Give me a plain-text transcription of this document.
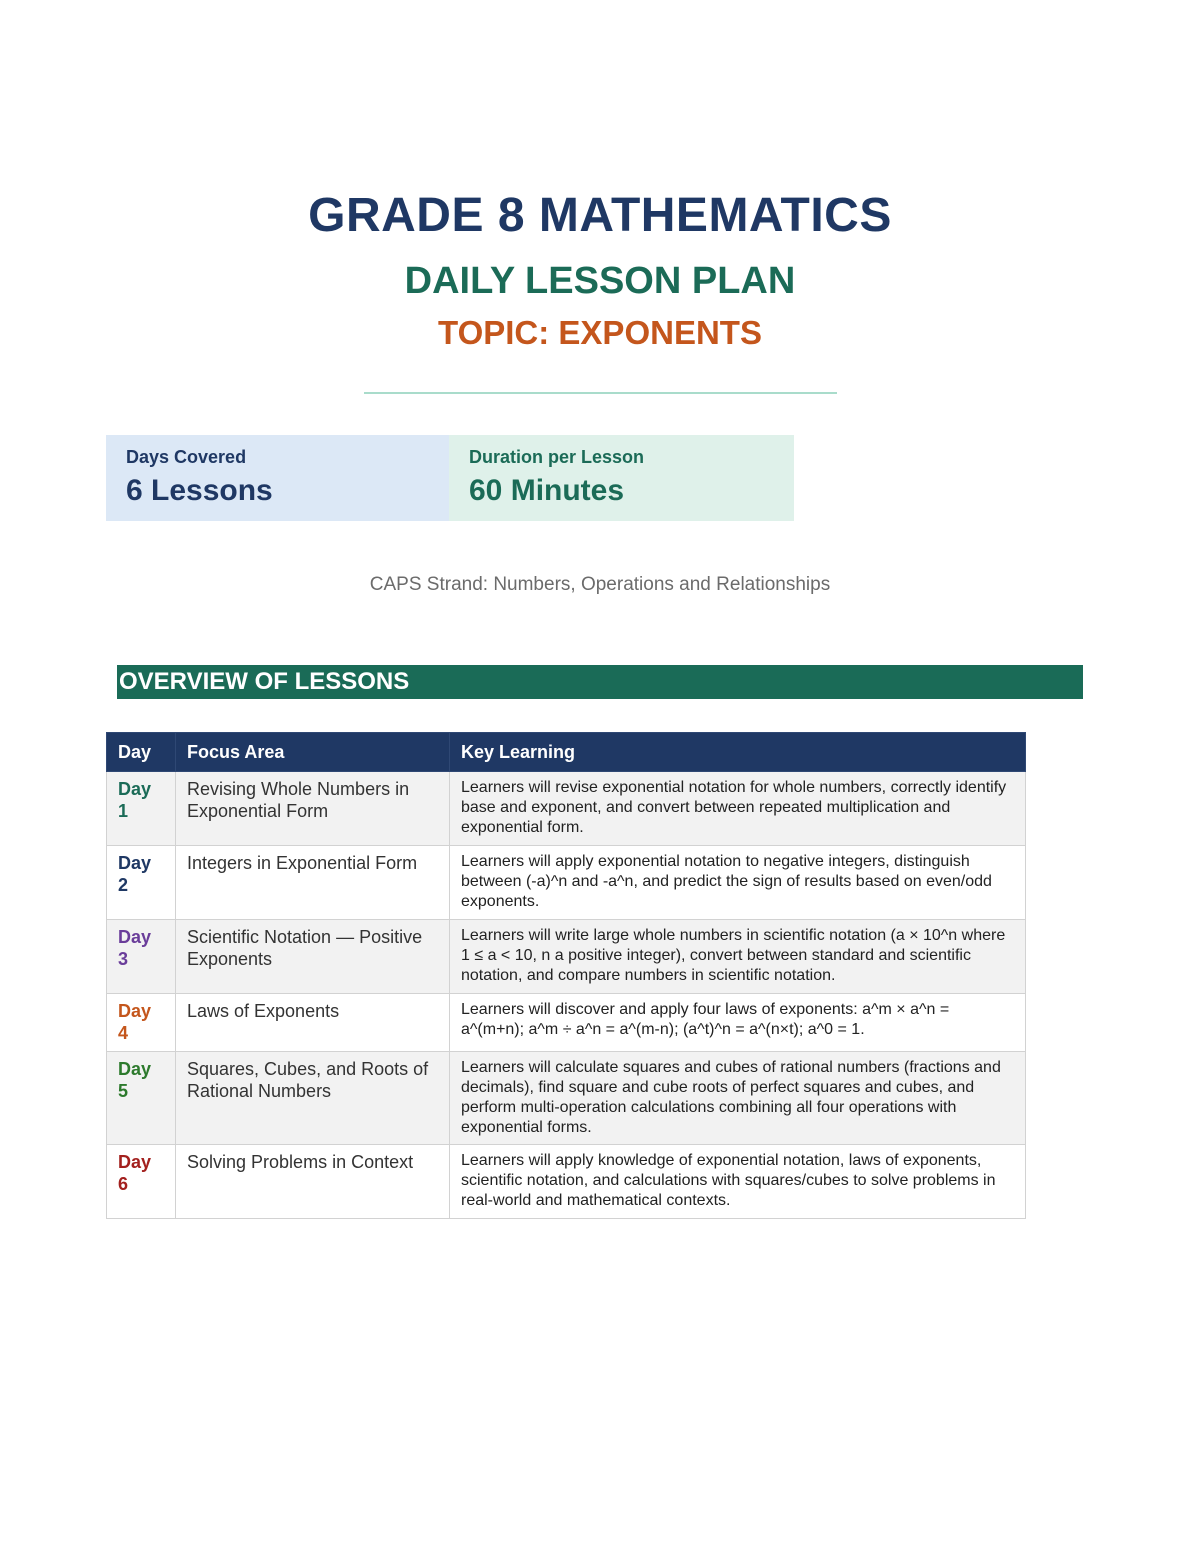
GRADE 8 MATHEMATICS
DAILY LESSON PLAN
TOPIC: EXPONENTS
Days Covered
6 Lessons
Duration per Lesson
60 Minutes
CAPS Strand: Numbers, Operations and Relationships
OVERVIEW OF LESSONS
Day	Focus Area	Key Learning
Day 1	Revising Whole Numbers in Exponential Form	Learners will revise exponential notation for whole numbers, correctly identify base and exponent, and convert between repeated multiplication and exponential form.
Day 2	Integers in Exponential Form	Learners will apply exponential notation to negative integers, distinguish between (-a)^n and -a^n, and predict the sign of results based on even/odd exponents.
Day 3	Scientific Notation — Positive Exponents	Learners will write large whole numbers in scientific notation (a × 10^n where 1 ≤ a < 10, n a positive integer), convert between standard and scientific notation, and compare numbers in scientific notation.
Day 4	Laws of Exponents	Learners will discover and apply four laws of exponents: a^m × a^n = a^(m+n); a^m ÷ a^n = a^(m-n); (a^t)^n = a^(n×t); a^0 = 1.
Day 5	Squares, Cubes, and Roots of Rational Numbers	Learners will calculate squares and cubes of rational numbers (fractions and decimals), find square and cube roots of perfect squares and cubes, and perform multi-operation calculations combining all four operations with exponential forms.
Day 6	Solving Problems in Context	Learners will apply knowledge of exponential notation, laws of exponents, scientific notation, and calculations with squares/cubes to solve problems in real-world and mathematical contexts.
